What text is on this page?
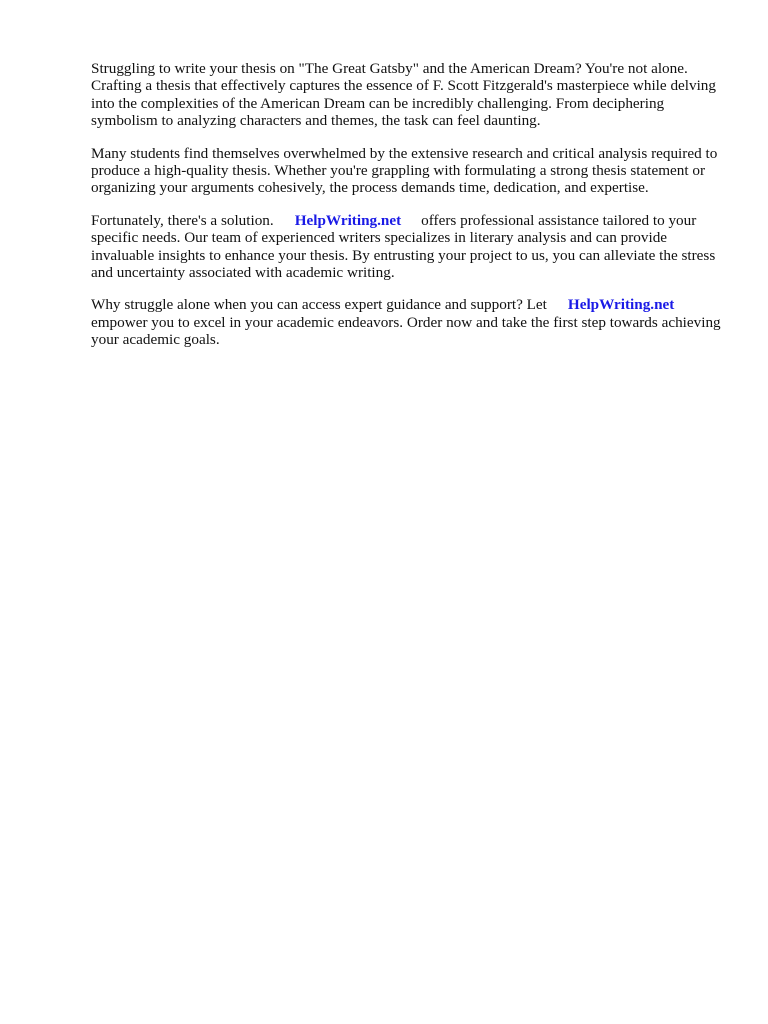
Struggling to write your thesis on "The Great Gatsby" and the American Dream? You're not alone. Crafting a thesis that effectively captures the essence of F. Scott Fitzgerald's masterpiece while delving into the complexities of the American Dream can be incredibly challenging. From deciphering symbolism to analyzing characters and themes, the task can feel daunting.

Many students find themselves overwhelmed by the extensive research and critical analysis required to produce a high-quality thesis. Whether you're grappling with formulating a strong thesis statement or organizing your arguments cohesively, the process demands time, dedication, and expertise.

Fortunately, there's a solution. HelpWriting.net offers professional assistance tailored to your specific needs. Our team of experienced writers specializes in literary analysis and can provide invaluable insights to enhance your thesis. By entrusting your project to us, you can alleviate the stress and uncertainty associated with academic writing.

Why struggle alone when you can access expert guidance and support? Let HelpWriting.net empower you to excel in your academic endeavors. Order now and take the first step towards achieving your academic goals.
